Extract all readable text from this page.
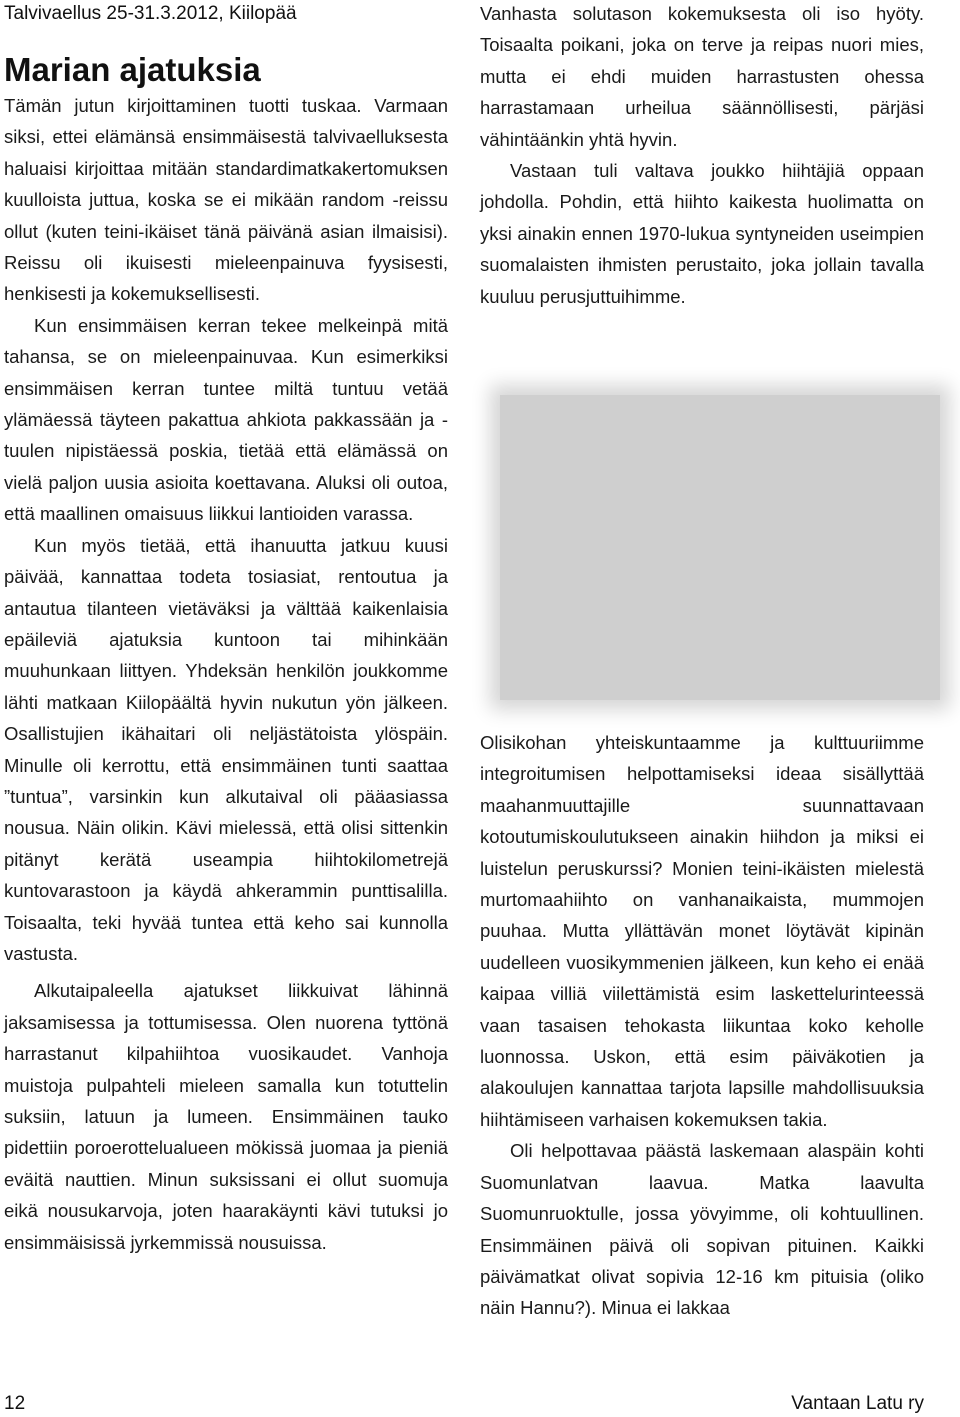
Talvivaellus 25-31.3.2012, Kiilopää
Marian ajatuksia

Tämän jutun kirjoittaminen tuotti tuskaa. Varmaan siksi, ettei elämänsä ensimmäisestä talvivaelluksesta haluaisi kirjoittaa mitään standardimatkakertomuksen kuulloista juttua, koska se ei mikään random -reissu ollut (kuten teini-ikäiset tänä päivänä asian ilmaisisi). Reissu oli ikuisesti mieleenpainuva fyysisesti, henkisesti ja kokemuksellisesti.

Kun ensimmäisen kerran tekee melkeinpä mitä tahansa, se on mieleenpainuvaa. Kun esimerkiksi ensimmäisen kerran tuntee miltä tuntuu vetää ylämäessä täyteen pakattua ahkiota pakkassään ja -tuulen nipistäessä poskia, tietää että elämässä on vielä paljon uusia asioita koettavana. Aluksi oli outoa, että maallinen omaisuus liikkui lantioiden varassa.

Kun myös tietää, että ihanuutta jatkuu kuusi päivää, kannattaa todeta tosiasiat, rentoutua ja antautua tilanteen vietäväksi ja välttää kaikenlaisia epäileviä ajatuksia kuntoon tai mihinkään muuhunkaan liittyen. Yhdeksän henkilön joukkomme lähti matkaan Kiilopäältä hyvin nukutun yön jälkeen. Osallistujien ikähaitari oli neljästätoista ylöspäin. Minulle oli kerrottu, että ensimmäinen tunti saattaa ”tuntua”, varsinkin kun alkutaival oli pääasiassa nousua. Näin olikin. Kävi mielessä, että olisi sittenkin pitänyt kerätä useampia hiihtokilometrejä kuntovarastoon ja käydä ahkerammin punttisalilla. Toisaalta, teki hyvää tuntea että keho sai kunnolla vastusta.

Alkutaipaleella ajatukset liikkuivat lähinnä jaksamisessa ja tottumisessa. Olen nuorena tyttönä harrastanut kilpahiihtoa vuosikaudet. Vanhoja muistoja pulpahteli mieleen samalla kun totuttelin suksiin, latuun ja lumeen. Ensimmäinen tauko pidettiin poroerottelualueen mökissä juomaa ja pieniä eväitä nauttien. Minun suksissani ei ollut suomuja eikä nousukarvoja, joten haarakäynti kävi tutuksi jo ensimmäisissä jyrkemmissä nousuissa.

Vanhasta solutason kokemuksesta oli iso hyöty. Toisaalta poikani, joka on terve ja reipas nuori mies, mutta ei ehdi muiden harrastusten ohessa harrastamaan urheilua säännöllisesti, pärjäsi vähintäänkin yhtä hyvin.

Vastaan tuli valtava joukko hiihtäjiä oppaan johdolla. Pohdin, että hiihto kaikesta huolimatta on yksi ainakin ennen 1970-lukua syntyneiden useimpien suomalaisten ihmisten perustaito, joka jollain tavalla kuuluu perusjuttuihimme.

Olisikohan yhteiskuntaamme ja kulttuuriimme integroitumisen helpottamiseksi ideaa sisällyttää maahanmuuttajille suunnattavaan kotoutumiskoulutukseen ainakin hiihdon ja miksi ei luistelun peruskurssi? Monien teini-ikäisten mielestä murtomaahiihto on vanhanaikaista, mummojen puuhaa. Mutta yllättävän monet löytävät kipinän uudelleen vuosikymmenien jälkeen, kun keho ei enää kaipaa villiä viilettämistä esim laskettelurinteessä vaan tasaisen tehokasta liikuntaa koko keholle luonnossa. Uskon, että esim päiväkotien ja alakoulujen kannattaa tarjota lapsille mahdollisuuksia hiihtämiseen varhaisen kokemuksen takia.

Oli helpottavaa päästä laskemaan alaspäin kohti Suomunlatvan laavua. Matka laavulta Suomunruoktulle, jossa yövyimme, oli kohtuullinen. Ensimmäinen päivä oli sopivan pituinen. Kaikki päivämatkat olivat sopivia 12-16 km pituisia (oliko näin Hannu?). Minua ei lakkaa

12	Vantaan Latu ry
